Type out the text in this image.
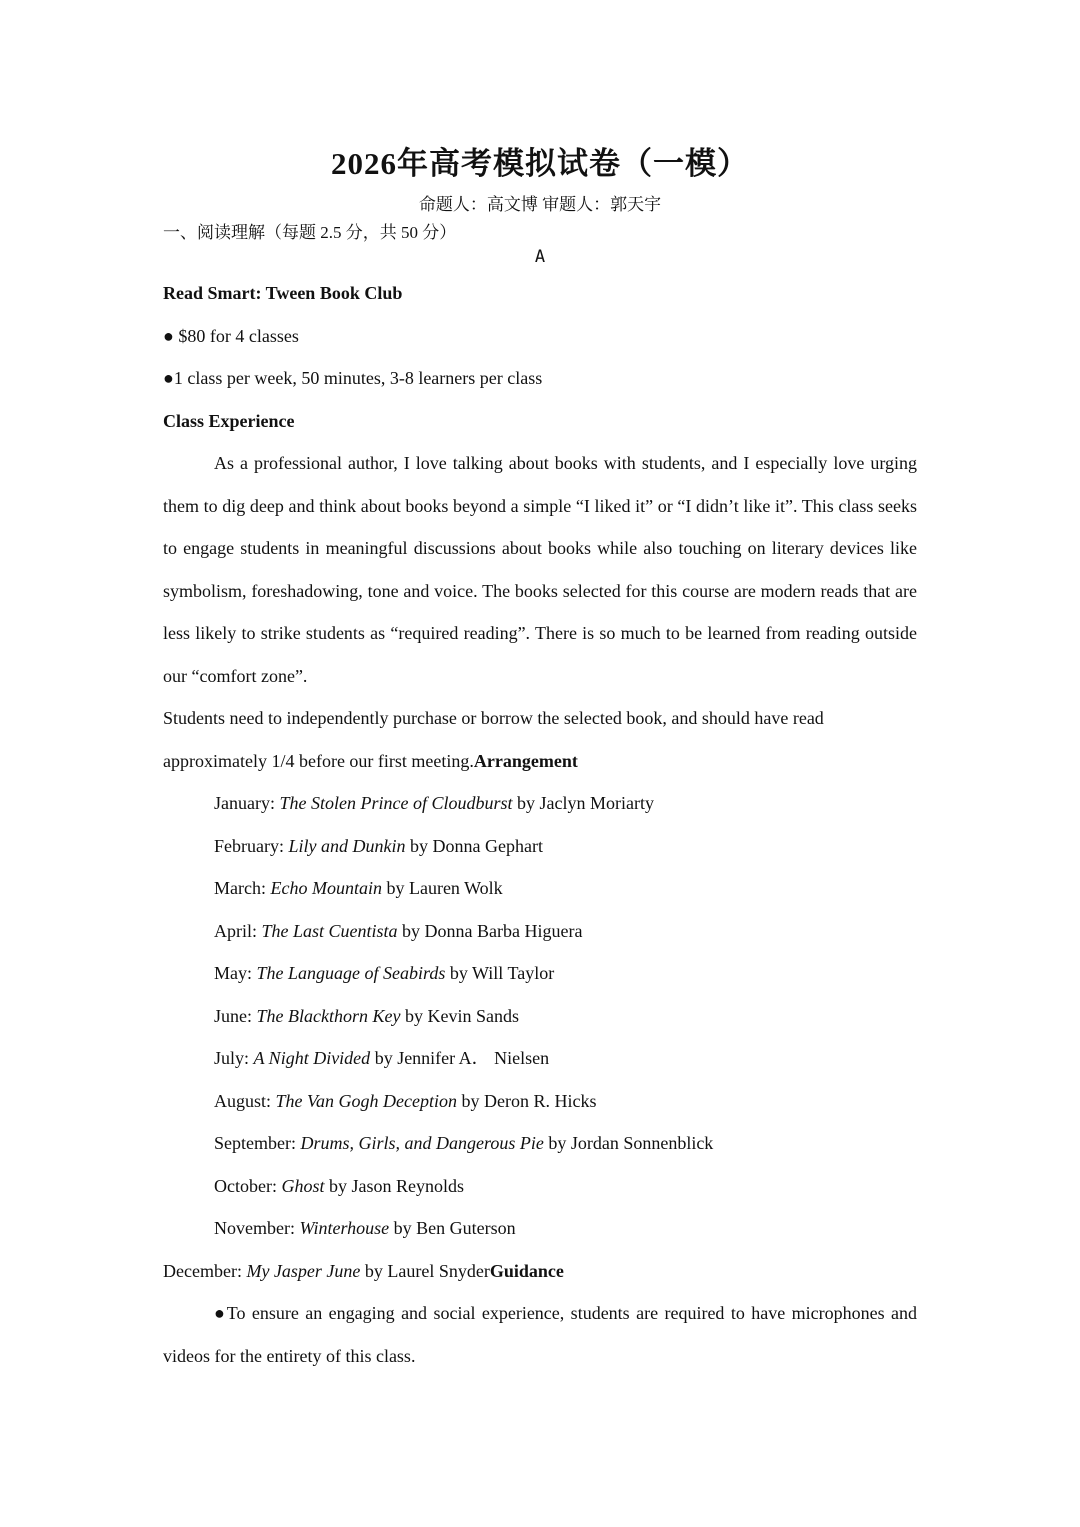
2026年高考模拟试卷（一模）
命题人：高文博 审题人：郭天宇
一、阅读理解（每题 2.5 分，共 50 分）
A

Read Smart: Tween Book Club

● $80 for 4 classes

●1 class per week, 50 minutes, 3-8 learners per class

Class Experience

As a professional author, I love talking about books with students, and I especially love urging them to dig deep and think about books beyond a simple “I liked it” or “I didn’t like it”. This class seeks to engage students in meaningful discussions about books while also touching on literary devices like symbolism, foreshadowing, tone and voice. The books selected for this course are modern reads that are less likely to strike students as “required reading”. There is so much to be learned from reading outside our “comfort zone”.

Students need to independently purchase or borrow the selected book, and should have read approximately 1/4 before our first meeting.Arrangement

January: The Stolen Prince of Cloudburst by Jaclyn Moriarty

February: Lily and Dunkin by Donna Gephart

March: Echo Mountain by Lauren Wolk

April: The Last Cuentista by Donna Barba Higuera

May: The Language of Seabirds by Will Taylor

June: The Blackthorn Key by Kevin Sands

July: A Night Divided by Jennifer A． Nielsen

August: The Van Gogh Deception by Deron R. Hicks

September: Drums, Girls, and Dangerous Pie by Jordan Sonnenblick

October: Ghost by Jason Reynolds

November: Winterhouse by Ben Guterson

December: My Jasper June by Laurel SnyderGuidance

●To ensure an engaging and social experience, students are required to have microphones and videos for the entirety of this class.
